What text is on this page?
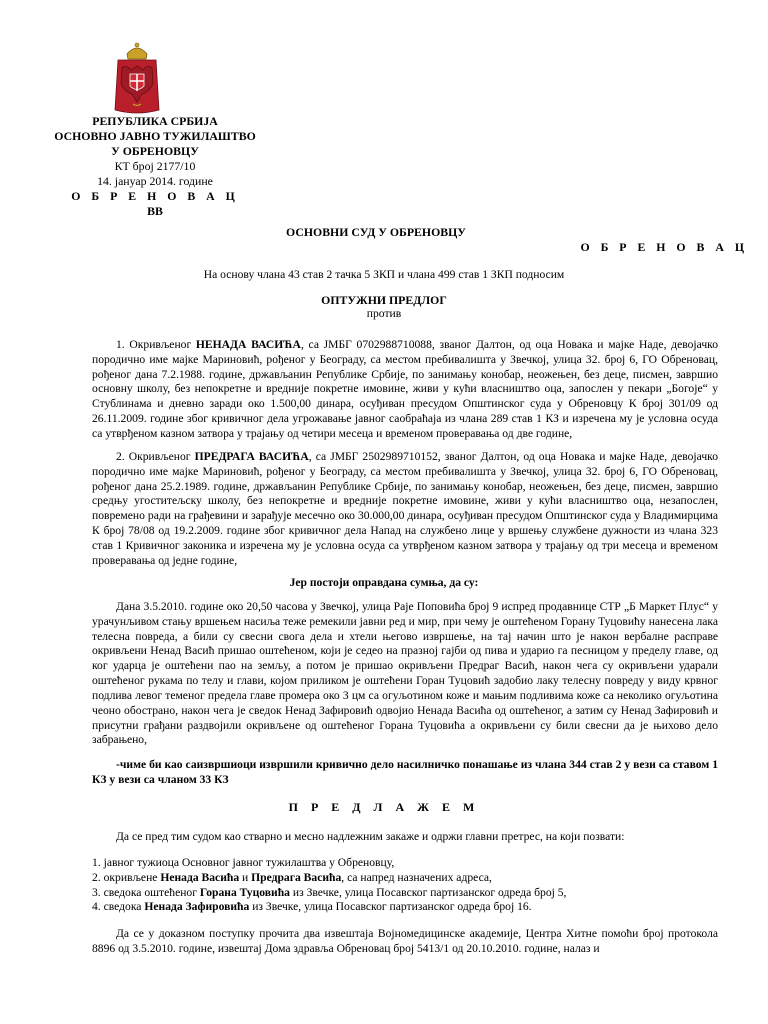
РЕПУБЛИКА СРБИЈА
ОСНОВНО ЈАВНО ТУЖИЛАШТВО
У ОБРЕНОВЦУ
КТ број 2177/10
14. јануар 2014. године
О Б Р Е Н О В А Ц
ВВ
ОСНОВНИ СУД У ОБРЕНОВЦУ
О Б Р Е Н О В А Ц
На основу члана 43 став 2 тачка 5 ЗКП и члана 499 став 1 ЗКП подносим
ОПТУЖНИ ПРЕДЛОГ
против
1. Окривљеног НЕНАДА ВАСИЋА, са ЈМБГ 0702988710088, званог Далтон, од оца Новака и мајке Наде, девојачко породично име мајке Мариновић, рођеног у Београду, са местом пребивалишта у Звечкој, улица 32. број 6, ГО Обреновац, рођеног дана 7.2.1988. године, држављанин Републике Србије, по занимању конобар, неожењен, без деце, писмен, завршио основну школу, без непокретне и вредније покретне имовине, живи у кући власништво оца, запослен у пекари „Богоје“ у Стублинама и дневно заради око 1.500,00 динара, осуђиван пресудом Општинског суда у Обреновцу К број 301/09 од 26.11.2009. године због кривичног дела угрожавање јавног саобраћаја из члана 289 став 1 КЗ и изречена му је условна осуда са утврђеном казном затвора у трајању од четири месеца и временом проверавања од две године,
2. Окривљеног ПРЕДРАГА ВАСИЋА, са ЈМБГ 2502989710152, званог Далтон, од оца Новака и мајке Наде, девојачко породично име мајке Мариновић, рођеног у Београду, са местом пребивалишта у Звечкој, улица 32. број 6, ГО Обреновац, рођеног дана 25.2.1989. године, држављанин Републике Србије, по занимању конобар, неожењен, без деце, писмен, завршио средњу угоститељску школу, без непокретне и вредније покретне имовине, живи у кући власништво оца, незапослен, повремено ради на грађевини и зарађује месечно око 30.000,00 динара, осуђиван пресудом Општинског суда у Владимирцима К број 78/08 од 19.2.2009. године због кривичног дела Напад на службено лице у вршењу службене дужности из члана 323 став 1 Кривичног законика и изречена му је условна осуда са утврђеном казном затвора у трајању од три месеца и временом проверавања од једне године,
Јер постоји оправдана сумња, да су:
Дана 3.5.2010. године око 20,50 часова у Звечкој, улица Раје Поповића број 9 испред продавнице СТР „Б Маркет Плус“ у урачунљивом стању вршењем насиља теже ремекили јавни ред и мир, при чему је оштећеном Горану Туцовићу нанесена лака телесна повреда, а били су свесни свога дела и хтели његово извршење, на тај начин што је након вербалне расправе окривљени Ненад Васић пришао оштећеном, који је седео на празној гајби од пива и ударио га песницом у пределу главе, од ког ударца је оштећени пао на земљу, а потом је пришао окривљени Предраг Васић, након чега су окривљени ударали оштећеног рукама по телу и глави, којом приликом је оштећени Горан Туцовић задобио лаку телесну повреду у виду крвног подлива левог теменог предела главе промера око 3 цм са огуљотином коже и мањим подливима коже са неколико огуљотина чеоно обострано, након чега је сведок Ненад Зафировић одвојио Ненада Васића од оштећеног, а затим су Ненад Зафировић и присутни грађани раздвојили окривљене од оштећеног Горана Туцовића а окривљени су били свесни да је њихово дело забрањено,
-чиме би као саизвршиоци извршили кривично дело насилничко понашање из члана 344 став 2 у вези са ставом 1 КЗ у вези са чланом 33 КЗ
П Р Е Д Л А Ж Е М
Да се пред тим судом као стварно и месно надлежним закаже и одржи главни претрес, на који позвати:
1. јавног тужиоца Основног јавног тужилаштва у Обреновцу,
2. окривљене Ненада Васића и Предрага Васића, са напред назначених адреса,
3. сведока оштећеног Горана Туцовића из Звечке, улица Посавског партизанског одреда број 5,
4. сведока Ненада Зафировића из Звечке, улица Посавског партизанског одреда број 16.
Да се у доказном поступку прочита два извештаја Војномедицинске академије, Центра Хитне помоћи број протокола 8896 од 3.5.2010. године, извештај Дома здравља Обреновац број 5413/1 од 20.10.2010. године, налаз и
